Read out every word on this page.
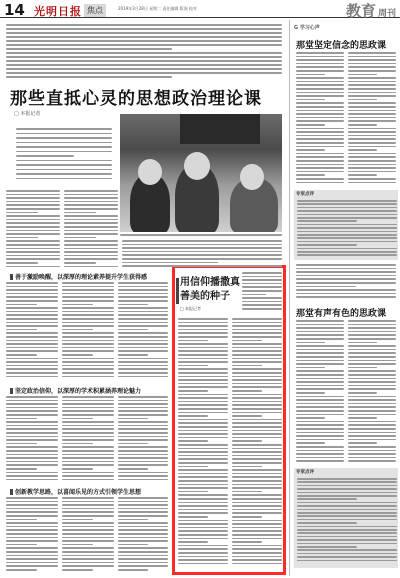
14 光明日报 焦点	2019年3月28日 星期二 责任编辑 版面 校对	教育 周刊
那些直抵心灵的思想政治理论课
□ 本报记者
善于激励唤醒，以深厚的理论素养提升学生获得感
坚定政治信仰，以深厚的学术积累涵养理论魅力
创新教学思路，以喜闻乐见的方式引领学生思想
用信仰播撒真善美的种子
□ 本报记者
G 学习心声
那堂坚定信念的思政课
专家点评
那堂有声有色的思政课
专家点评
